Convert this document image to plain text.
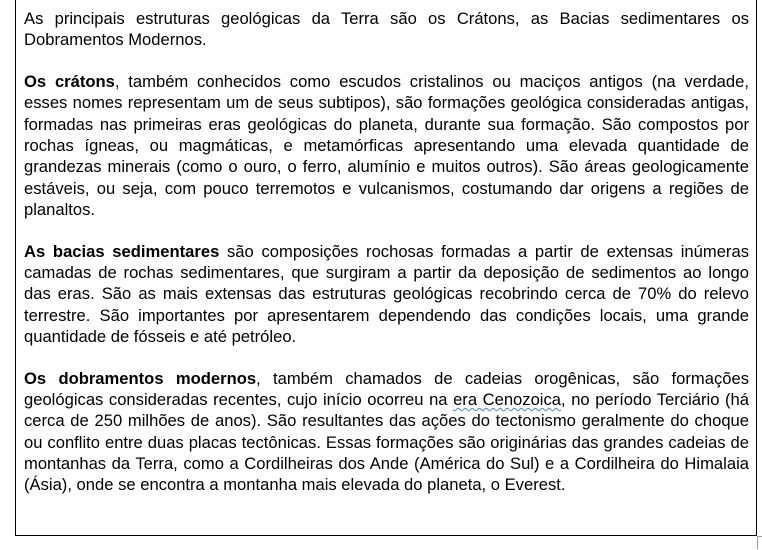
As principais estruturas geológicas da Terra são os Crátons, as Bacias sedimentares os Dobramentos Modernos.

Os crátons, também conhecidos como escudos cristalinos ou maciços antigos (na verdade, esses nomes representam um de seus subtipos), são formações geológica consideradas antigas, formadas nas primeiras eras geológicas do planeta, durante sua formação. São compostos por rochas ígneas, ou magmáticas, e metamórficas apresentando uma elevada quantidade de grandezas minerais (como o ouro, o ferro, alumínio e muitos outros). São áreas geologicamente estáveis, ou seja, com pouco terremotos e vulcanismos, costumando dar origens a regiões de planaltos.

As bacias sedimentares são composições rochosas formadas a partir de extensas inúmeras camadas de rochas sedimentares, que surgiram a partir da deposição de sedimentos ao longo das eras. São as mais extensas das estruturas geológicas recobrindo cerca de 70% do relevo terrestre. São importantes por apresentarem dependendo das condições locais, uma grande quantidade de fósseis e até petróleo.

Os dobramentos modernos, também chamados de cadeias orogênicas, são formações geológicas consideradas recentes, cujo início ocorreu na era Cenozoica, no período Terciário (há cerca de 250 milhões de anos). São resultantes das ações do tectonismo geralmente do choque ou conflito entre duas placas tectônicas. Essas formações são originárias das grandes cadeias de montanhas da Terra, como a Cordilheiras dos Ande (América do Sul) e a Cordilheira do Himalaia (Ásia), onde se encontra a montanha mais elevada do planeta, o Everest.
